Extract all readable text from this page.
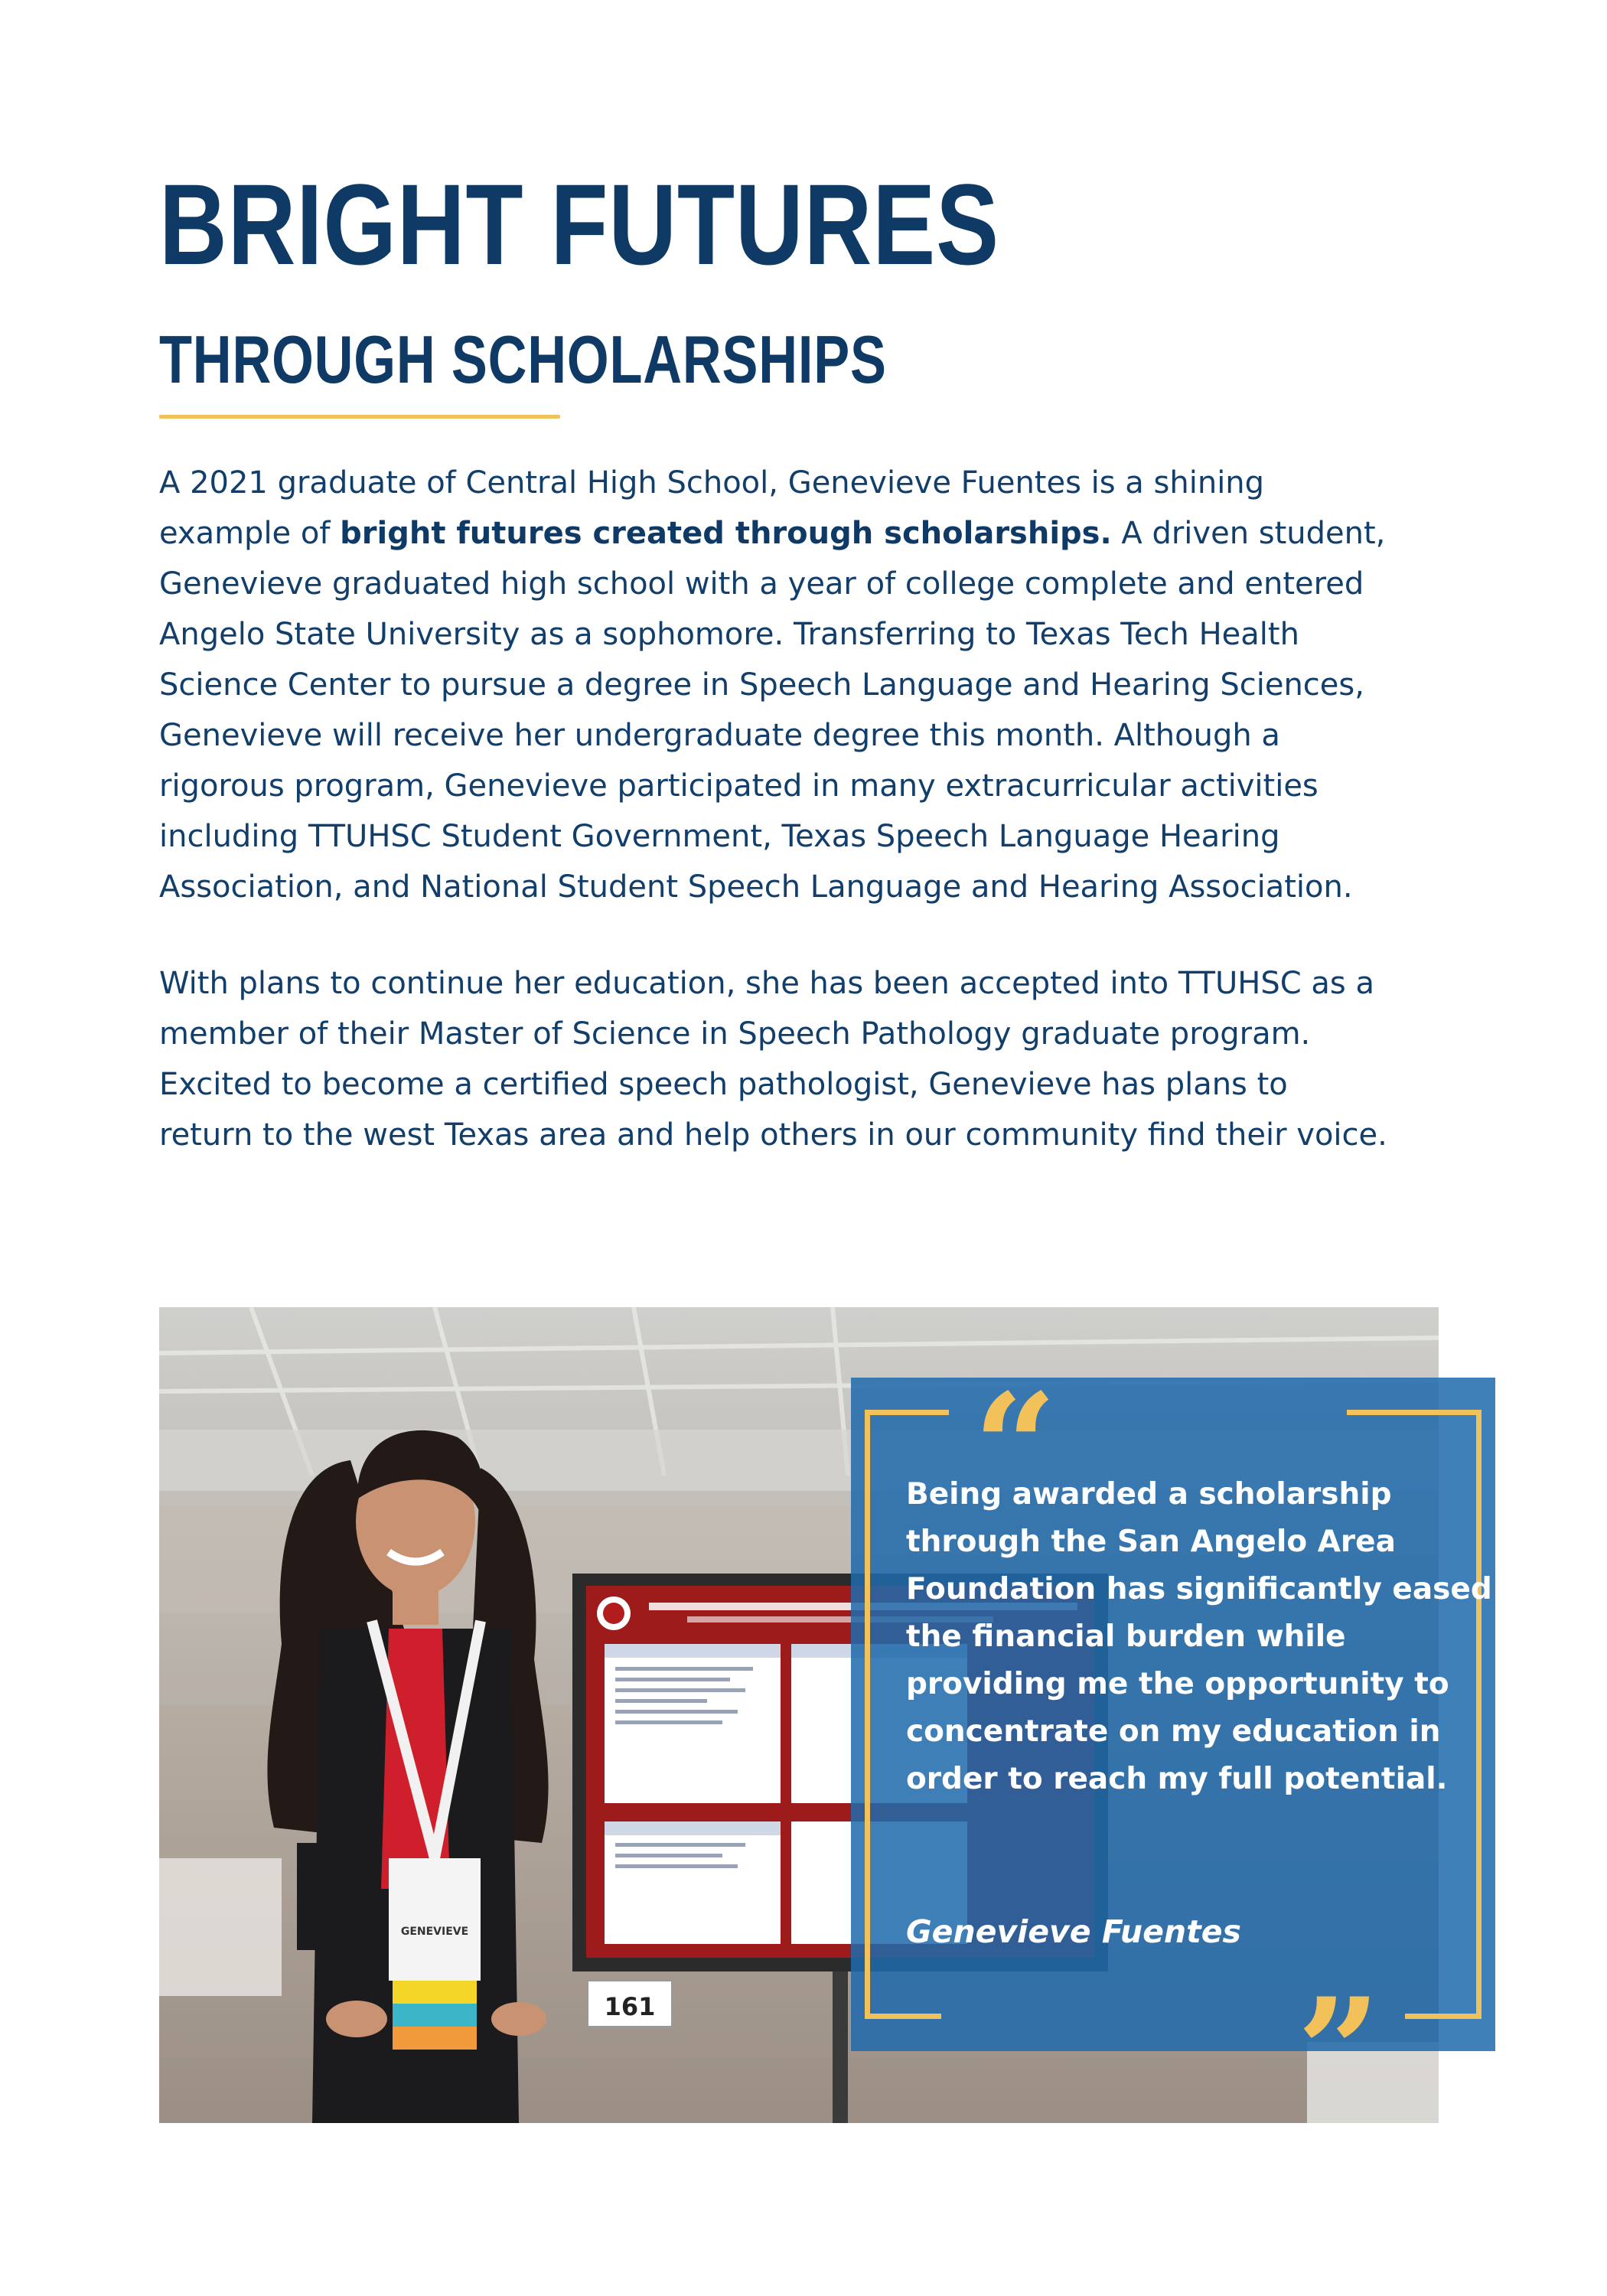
BRIGHT FUTURES
THROUGH SCHOLARSHIPS
A 2021 graduate of Central High School, Genevieve Fuentes is a shining
example of bright futures created through scholarships. A driven student,
Genevieve graduated high school with a year of college complete and entered
Angelo State University as a sophomore. Transferring to Texas Tech Health
Science Center to pursue a degree in Speech Language and Hearing Sciences,
Genevieve will receive her undergraduate degree this month. Although a
rigorous program, Genevieve participated in many extracurricular activities
including TTUHSC Student Government, Texas Speech Language Hearing
Association, and National Student Speech Language and Hearing Association.
With plans to continue her education, she has been accepted into TTUHSC as a
member of their Master of Science in Speech Pathology graduate program.
Excited to become a certified speech pathologist, Genevieve has plans to
return to the west Texas area and help others in our community find their voice.
161
GENEVIEVE
“
Being awarded a scholarship
through the San Angelo Area
Foundation has significantly eased
the financial burden while
providing me the opportunity to
concentrate on my education in
order to reach my full potential.
Genevieve Fuentes
”
